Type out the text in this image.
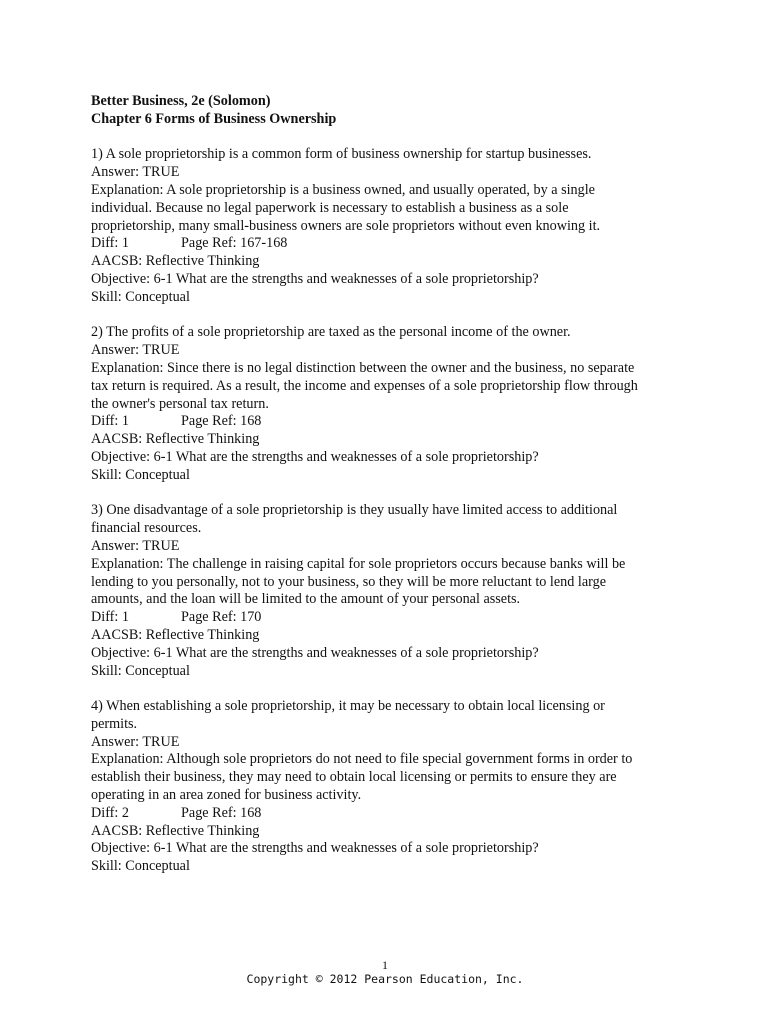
Better Business, 2e (Solomon)
Chapter 6 Forms of Business Ownership
1) A sole proprietorship is a common form of business ownership for startup businesses.
Answer: TRUE
Explanation: A sole proprietorship is a business owned, and usually operated, by a single
individual. Because no legal paperwork is necessary to establish a business as a sole
proprietorship, many small-business owners are sole proprietors without even knowing it.
Diff: 1	Page Ref: 167-168
AACSB: Reflective Thinking
Objective: 6-1 What are the strengths and weaknesses of a sole proprietorship?
Skill: Conceptual
2) The profits of a sole proprietorship are taxed as the personal income of the owner.
Answer: TRUE
Explanation: Since there is no legal distinction between the owner and the business, no separate
tax return is required. As a result, the income and expenses of a sole proprietorship flow through
the owner's personal tax return.
Diff: 1	Page Ref: 168
AACSB: Reflective Thinking
Objective: 6-1 What are the strengths and weaknesses of a sole proprietorship?
Skill: Conceptual
3) One disadvantage of a sole proprietorship is they usually have limited access to additional
financial resources.
Answer: TRUE
Explanation: The challenge in raising capital for sole proprietors occurs because banks will be
lending to you personally, not to your business, so they will be more reluctant to lend large
amounts, and the loan will be limited to the amount of your personal assets.
Diff: 1	Page Ref: 170
AACSB: Reflective Thinking
Objective: 6-1 What are the strengths and weaknesses of a sole proprietorship?
Skill: Conceptual
4) When establishing a sole proprietorship, it may be necessary to obtain local licensing or
permits.
Answer: TRUE
Explanation: Although sole proprietors do not need to file special government forms in order to
establish their business, they may need to obtain local licensing or permits to ensure they are
operating in an area zoned for business activity.
Diff: 2	Page Ref: 168
AACSB: Reflective Thinking
Objective: 6-1 What are the strengths and weaknesses of a sole proprietorship?
Skill: Conceptual
1
Copyright © 2012 Pearson Education, Inc.
